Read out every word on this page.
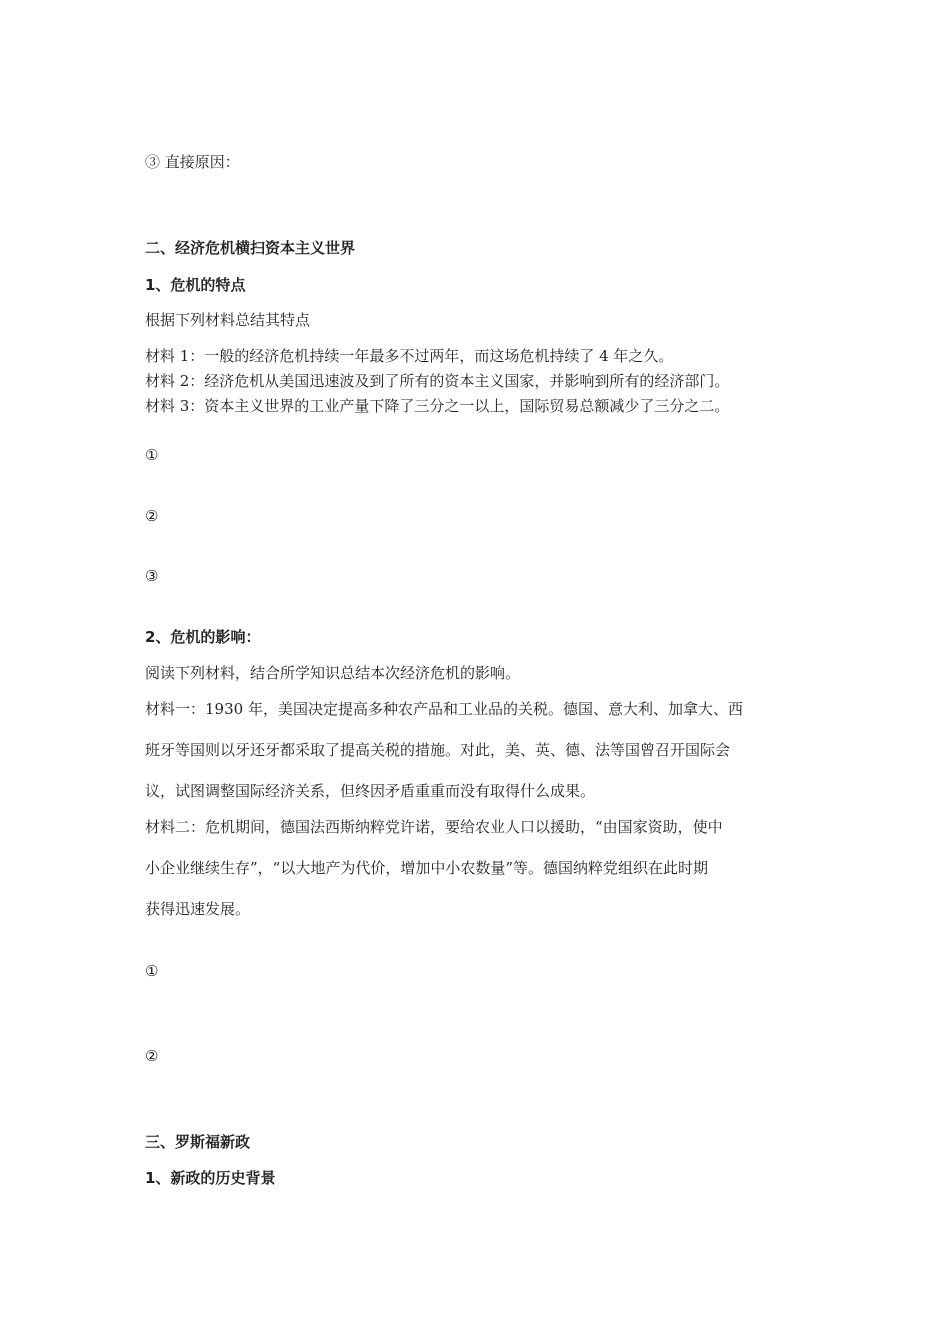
③ 直接原因：
二、经济危机横扫资本主义世界
1、危机的特点
根据下列材料总结其特点
材料 1：一般的经济危机持续一年最多不过两年，而这场危机持续了 4 年之久。
材料 2：经济危机从美国迅速波及到了所有的资本主义国家，并影响到所有的经济部门。
材料 3：资本主义世界的工业产量下降了三分之一以上，国际贸易总额减少了三分之二。
①
②
③
2、危机的影响：
阅读下列材料，结合所学知识总结本次经济危机的影响。
材料一：1930 年，美国决定提高多种农产品和工业品的关税。德国、意大利、加拿大、西
班牙等国则以牙还牙都采取了提高关税的措施。对此，美、英、德、法等国曾召开国际会
议，试图调整国际经济关系，但终因矛盾重重而没有取得什么成果。
材料二：危机期间，德国法西斯纳粹党许诺，要给农业人口以援助，“由国家资助，使中
小企业继续生存”，“以大地产为代价，增加中小农数量”等。德国纳粹党组织在此时期
获得迅速发展。
①
②
三、罗斯福新政
1、新政的历史背景
